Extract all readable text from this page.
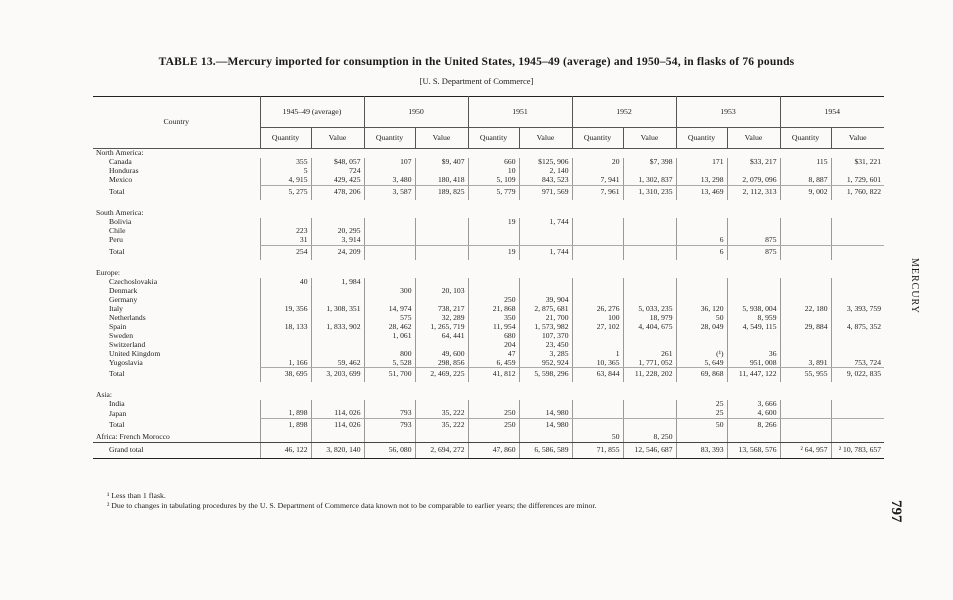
TABLE 13.—Mercury imported for consumption in the United States, 1945–49 (average) and 1950–54, in flasks of 76 pounds
[U. S. Department of Commerce]
Country	1945–49 (average)		1950		1951		1952		1953		1954	
	Quantity	Value	Quantity	Value	Quantity	Value	Quantity	Value	Quantity	Value	Quantity	Value
North America:												
Canada	355	$48, 057	107	$9, 407	660	$125, 906	20	$7, 398	171	$33, 217	115	$31, 221
Honduras	5	724			10	2, 140						
Mexico	4, 915	429, 425	3, 480	180, 418	5, 109	843, 523	7, 941	1, 302, 837	13, 298	2, 079, 096	8, 887	1, 729, 601
Total	5, 275	478, 206	3, 587	189, 825	5, 779	971, 569	7, 961	1, 310, 235	13, 469	2, 112, 313	9, 002	1, 760, 822

South America:												
Bolivia					19	1, 744						
Chile	223	20, 295										
Peru	31	3, 914							6	875		
Total	254	24, 209			19	1, 744			6	875		

Europe:												
Czechoslovakia	40	1, 984										
Denmark			300	20, 103								
Germany					250	39, 904						
Italy	19, 356	1, 308, 351	14, 974	738, 217	21, 868	2, 875, 681	26, 276	5, 033, 235	36, 120	5, 938, 004	22, 180	3, 393, 759
Netherlands			575	32, 289	350	21, 700	100	18, 979	50	8, 959		
Spain	18, 133	1, 833, 902	28, 462	1, 265, 719	11, 954	1, 573, 982	27, 102	4, 404, 675	28, 049	4, 549, 115	29, 884	4, 875, 352
Sweden			1, 061	64, 441	680	107, 370						
Switzerland					204	23, 450						
United Kingdom			800	49, 600	47	3, 285	1	261	(¹)	36		
Yugoslavia	1, 166	59, 462	5, 528	298, 856	6, 459	952, 924	10, 365	1, 771, 052	5, 649	951, 008	3, 891	753, 724
Total	38, 695	3, 203, 699	51, 700	2, 469, 225	41, 812	5, 598, 296	63, 844	11, 228, 202	69, 868	11, 447, 122	55, 955	9, 022, 835

Asia:												
India									25	3, 666		
Japan	1, 898	114, 026	793	35, 222	250	14, 980			25	4, 600		
Total	1, 898	114, 026	793	35, 222	250	14, 980			50	8, 266		
Africa: French Morocco							50	8, 250				
Grand total	46, 122	3, 820, 140	56, 080	2, 694, 272	47, 860	6, 586, 589	71, 855	12, 546, 687	83, 393	13, 568, 576	² 64, 957	² 10, 783, 657
¹ Less than 1 flask.
² Due to changes in tabulating procedures by the U. S. Department of Commerce data known not to be comparable to earlier years; the differences are minor.
MERCURY
797
